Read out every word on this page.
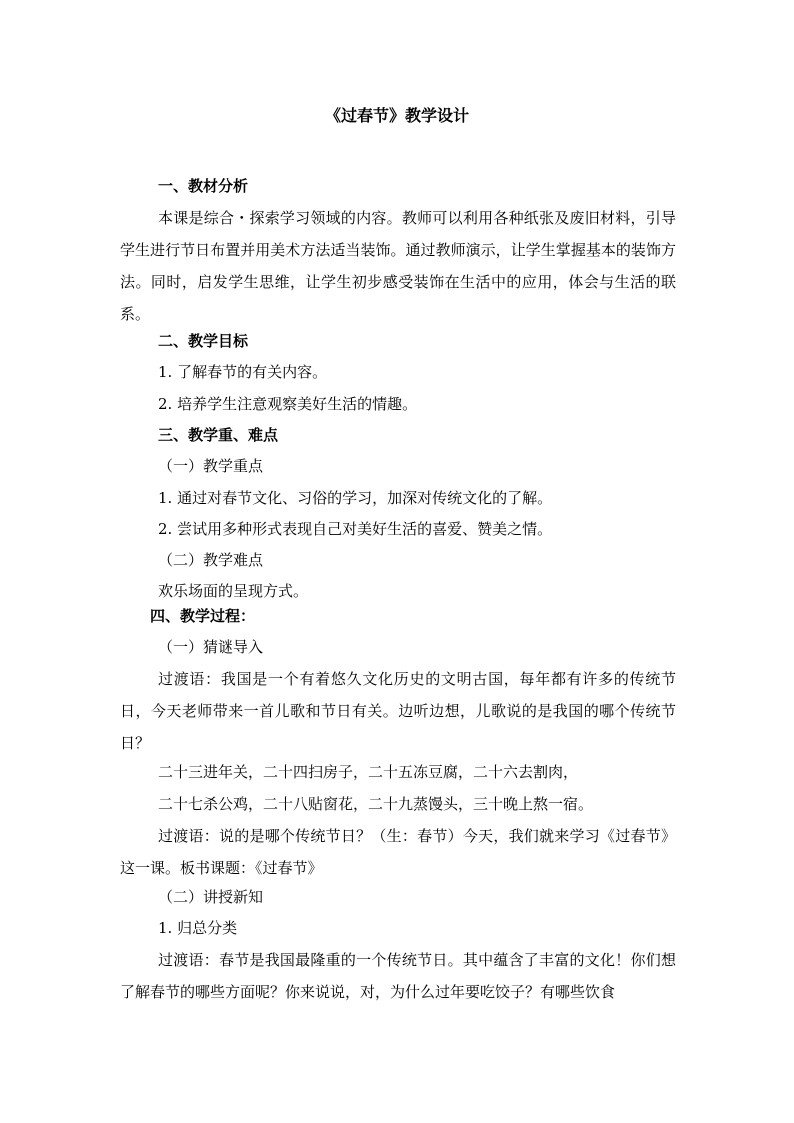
《过春节》教学设计
一、教材分析

本课是综合・探索学习领域的内容。教师可以利用各种纸张及废旧材料，引导学生进行节日布置并用美术方法适当装饰。通过教师演示，让学生掌握基本的装饰方法。同时，启发学生思维，让学生初步感受装饰在生活中的应用，体会与生活的联系。

二、教学目标
1. 了解春节的有关内容。
2. 培养学生注意观察美好生活的情趣。
三、教学重、难点
（一）教学重点
1. 通过对春节文化、习俗的学习，加深对传统文化的了解。
2. 尝试用多种形式表现自己对美好生活的喜爱、赞美之情。
（二）教学难点
欢乐场面的呈现方式。
四、教学过程：
（一）猜谜导入

过渡语：我国是一个有着悠久文化历史的文明古国，每年都有许多的传统节日，今天老师带来一首儿歌和节日有关。边听边想，儿歌说的是我国的哪个传统节日？

二十三进年关，二十四扫房子，二十五冻豆腐，二十六去割肉，
二十七杀公鸡，二十八贴窗花，二十九蒸馒头，三十晚上熬一宿。

过渡语：说的是哪个传统节日？（生：春节）今天，我们就来学习《过春节》这一课。板书课题：《过春节》

（二）讲授新知
1. 归总分类

过渡语：春节是我国最隆重的一个传统节日。其中蕴含了丰富的文化！你们想了解春节的哪些方面呢？你来说说，对，为什么过年要吃饺子？有哪些饮食
